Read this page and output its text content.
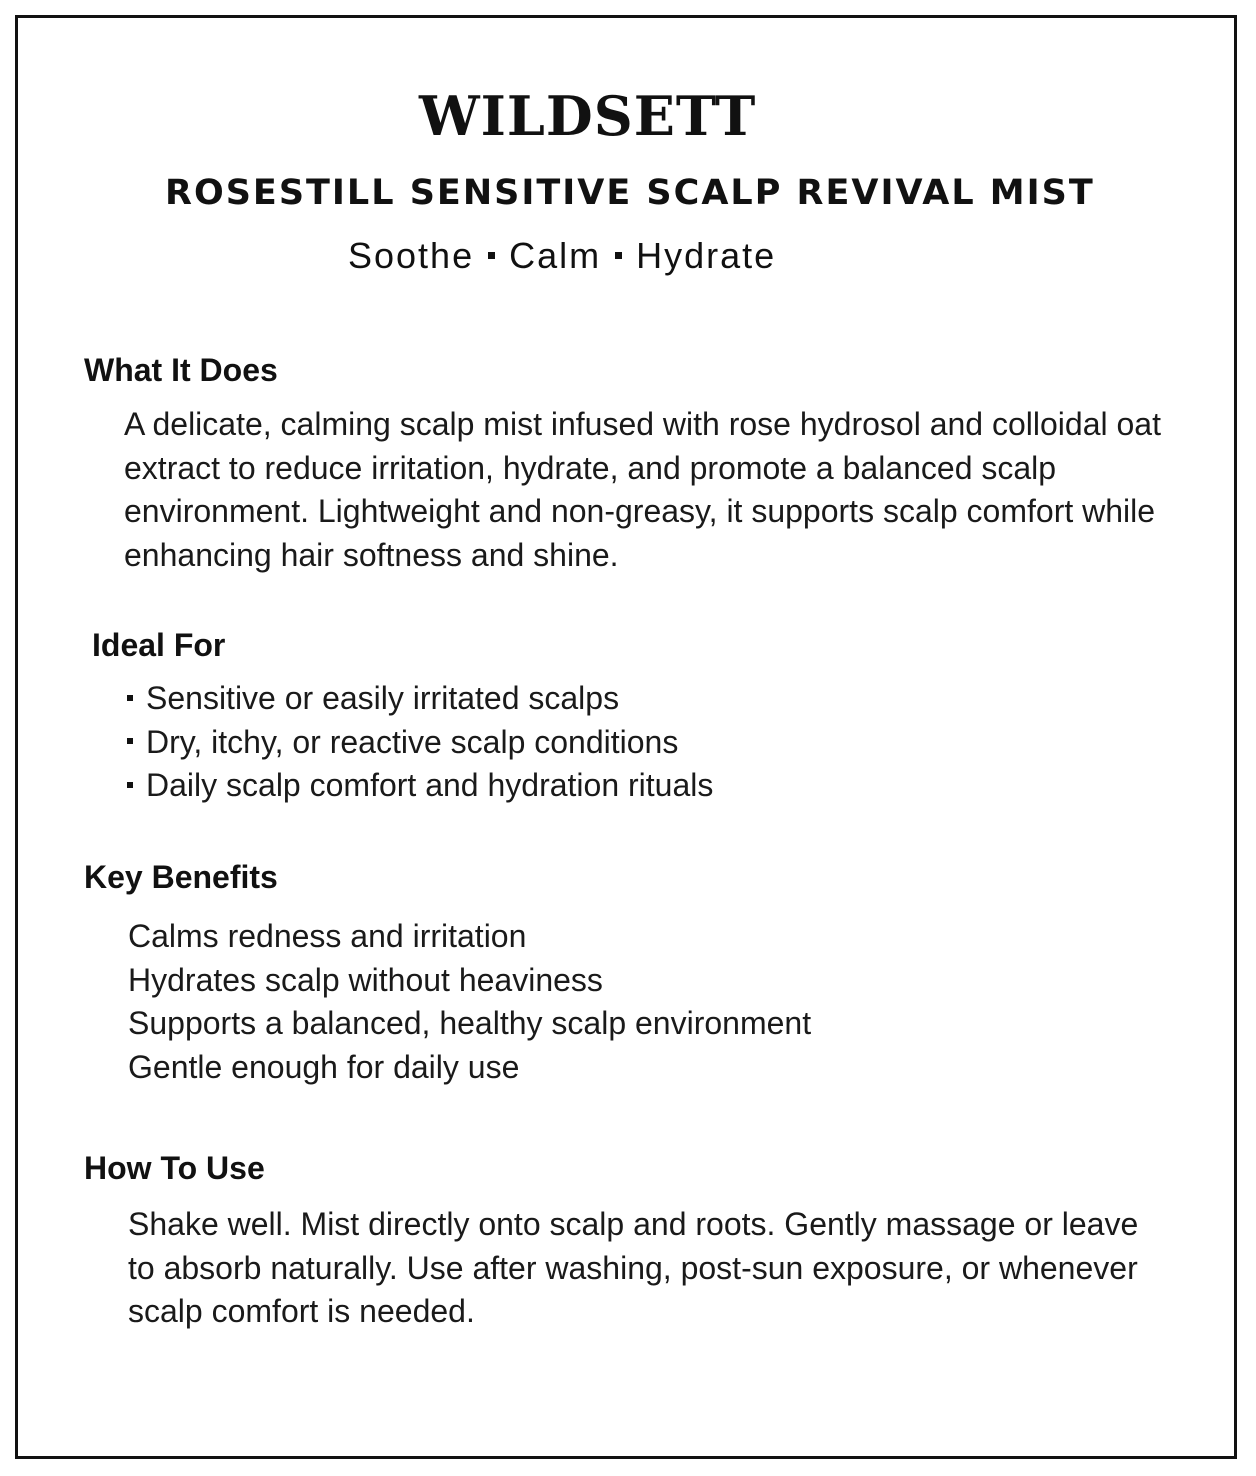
WILDSETT
ROSESTILL SENSITIVE SCALP REVIVAL MIST
Soothe Calm Hydrate
What It Does
A delicate, calming scalp mist infused with rose hydrosol and colloidal oat extract to reduce irritation, hydrate, and promote a balanced scalp environment. Lightweight and non-greasy, it supports scalp comfort while enhancing hair softness and shine.
Ideal For
Sensitive or easily irritated scalps
Dry, itchy, or reactive scalp conditions
Daily scalp comfort and hydration rituals
Key Benefits
Calms redness and irritation
Hydrates scalp without heaviness
Supports a balanced, healthy scalp environment
Gentle enough for daily use
How To Use
Shake well. Mist directly onto scalp and roots. Gently massage or leave to absorb naturally. Use after washing, post-sun exposure, or whenever scalp comfort is needed.
